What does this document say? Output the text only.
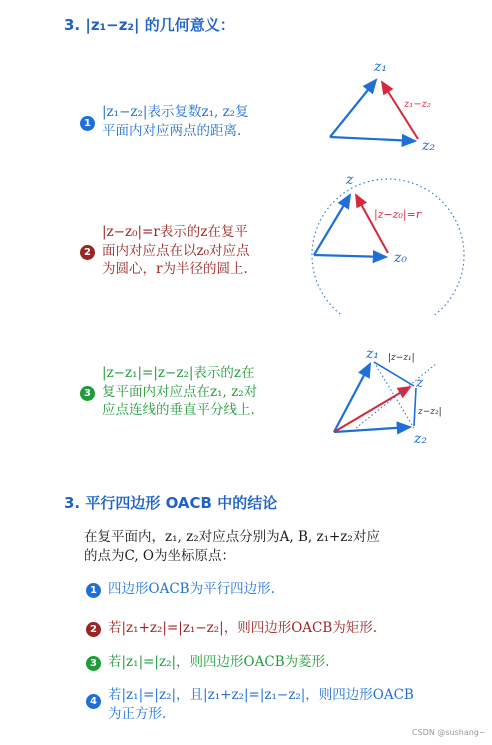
3. |z₁−z₂| 的几何意义：
1
|z₁−z₂|表示复数z₁, z₂复
平面内对应两点的距离.
z₁
z₂
z₁−z₂
2
|z−z₀|=r表示的z在复平
面内对应点在以z₀对应点
为圆心，r为半径的圆上.
z
z₀
|z−z₀|=r
3
|z−z₁|=|z−z₂|表示的z在
复平面内对应点在z₁, z₂对
应点连线的垂直平分线上.
z₁
z₂
z
|z−z₁|
z−z₂|
3. 平行四边形 OACB 中的结论
在复平面内，z₁, z₂对应点分别为A, B, z₁+z₂对应
的点为C, O为坐标原点：
1 四边形OACB为平行四边形.
2 若|z₁+z₂|=|z₁−z₂|，则四边形OACB为矩形.
3 若|z₁|=|z₂|，则四边形OACB为菱形.
4 若|z₁|=|z₂|，且|z₁+z₂|=|z₁−z₂|，则四边形OACB
为正方形.
CSDN @sushang~
